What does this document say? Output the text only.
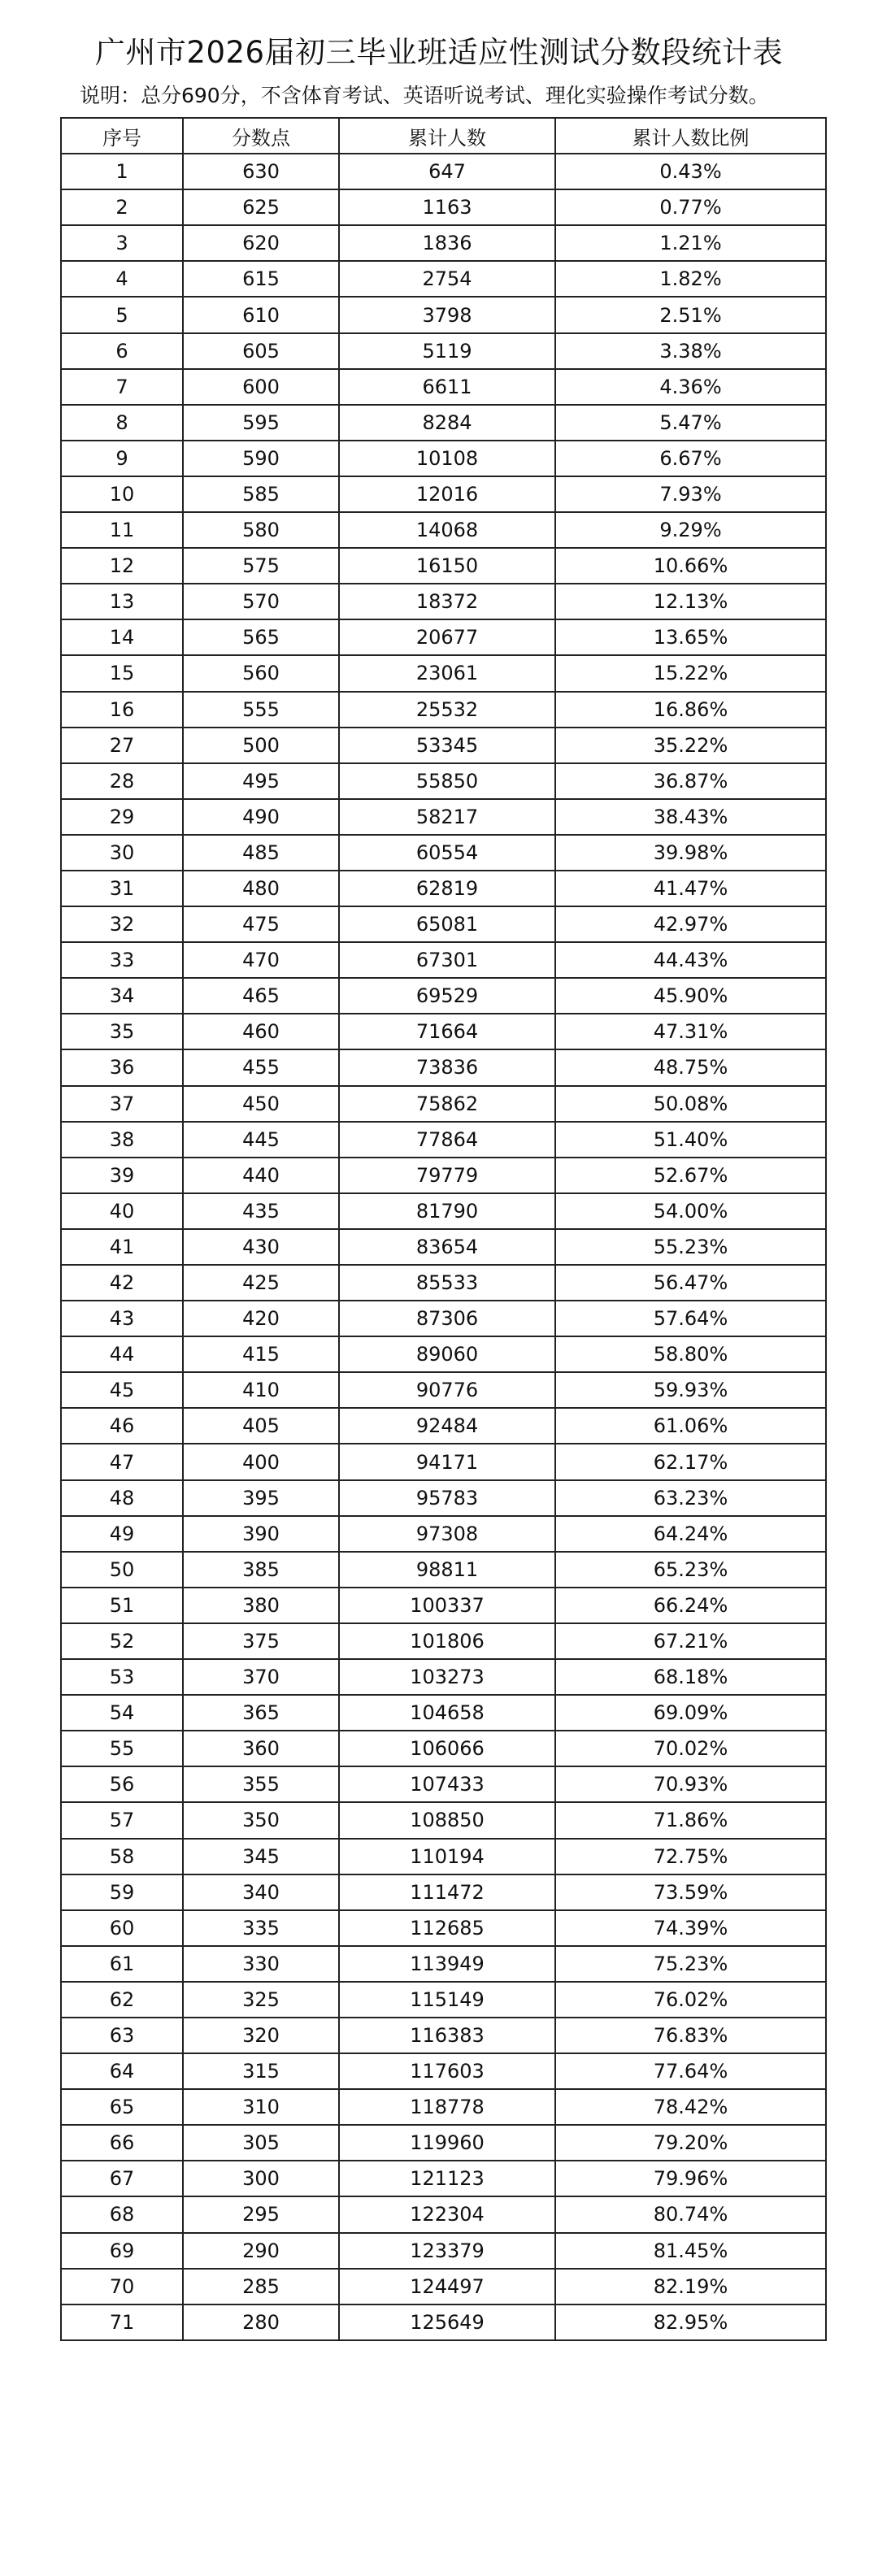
广州市2026届初三毕业班适应性测试分数段统计表
说明：总分690分，不含体育考试、英语听说考试、理化实验操作考试分数。
序号	分数点	累计人数	累计人数比例
1	630	647	0.43%
2	625	1163	0.77%
3	620	1836	1.21%
4	615	2754	1.82%
5	610	3798	2.51%
6	605	5119	3.38%
7	600	6611	4.36%
8	595	8284	5.47%
9	590	10108	6.67%
10	585	12016	7.93%
11	580	14068	9.29%
12	575	16150	10.66%
13	570	18372	12.13%
14	565	20677	13.65%
15	560	23061	15.22%
16	555	25532	16.86%
27	500	53345	35.22%
28	495	55850	36.87%
29	490	58217	38.43%
30	485	60554	39.98%
31	480	62819	41.47%
32	475	65081	42.97%
33	470	67301	44.43%
34	465	69529	45.90%
35	460	71664	47.31%
36	455	73836	48.75%
37	450	75862	50.08%
38	445	77864	51.40%
39	440	79779	52.67%
40	435	81790	54.00%
41	430	83654	55.23%
42	425	85533	56.47%
43	420	87306	57.64%
44	415	89060	58.80%
45	410	90776	59.93%
46	405	92484	61.06%
47	400	94171	62.17%
48	395	95783	63.23%
49	390	97308	64.24%
50	385	98811	65.23%
51	380	100337	66.24%
52	375	101806	67.21%
53	370	103273	68.18%
54	365	104658	69.09%
55	360	106066	70.02%
56	355	107433	70.93%
57	350	108850	71.86%
58	345	110194	72.75%
59	340	111472	73.59%
60	335	112685	74.39%
61	330	113949	75.23%
62	325	115149	76.02%
63	320	116383	76.83%
64	315	117603	77.64%
65	310	118778	78.42%
66	305	119960	79.20%
67	300	121123	79.96%
68	295	122304	80.74%
69	290	123379	81.45%
70	285	124497	82.19%
71	280	125649	82.95%
